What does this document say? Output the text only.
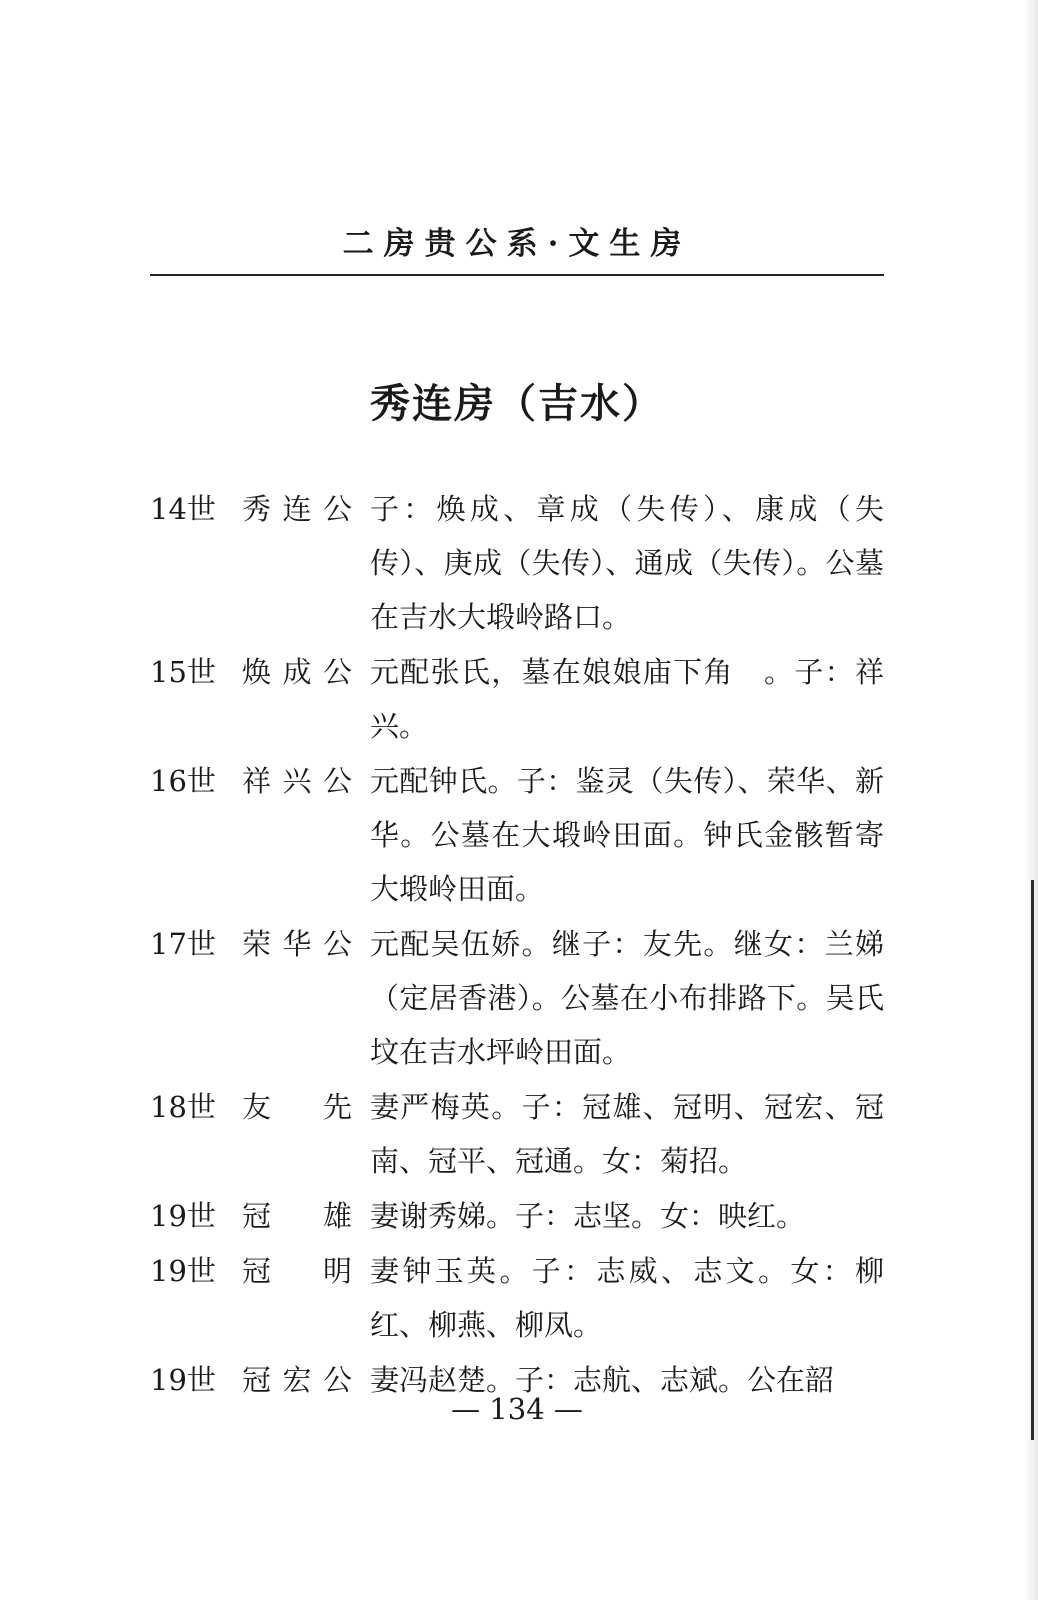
二房贵公系·文生房
秀连房（吉水）
14世 秀连公 子：焕成、章成（失传）、康成（失传）、庚成（失传）、通成（失传）。公墓在吉水大塅岭路口。
15世 焕成公 元配张氏，墓在娘娘庙下角　。子：祥兴。
16世 祥兴公 元配钟氏。子：鉴灵（失传）、荣华、新华。公墓在大塅岭田面。钟氏金骸暂寄大塅岭田面。
17世 荣华公 元配吴伍娇。继子：友先。继女：兰娣（定居香港）。公墓在小布排路下。吴氏坟在吉水坪岭田面。
18世 友　先 妻严梅英。子：冠雄、冠明、冠宏、冠南、冠平、冠通。女：菊招。
19世 冠　雄 妻谢秀娣。子：志坚。女：映红。
19世 冠　明 妻钟玉英。子：志威、志文。女：柳红、柳燕、柳凤。
19世 冠宏公 妻冯赵楚。子：志航、志斌。公在韶
— 134 —
